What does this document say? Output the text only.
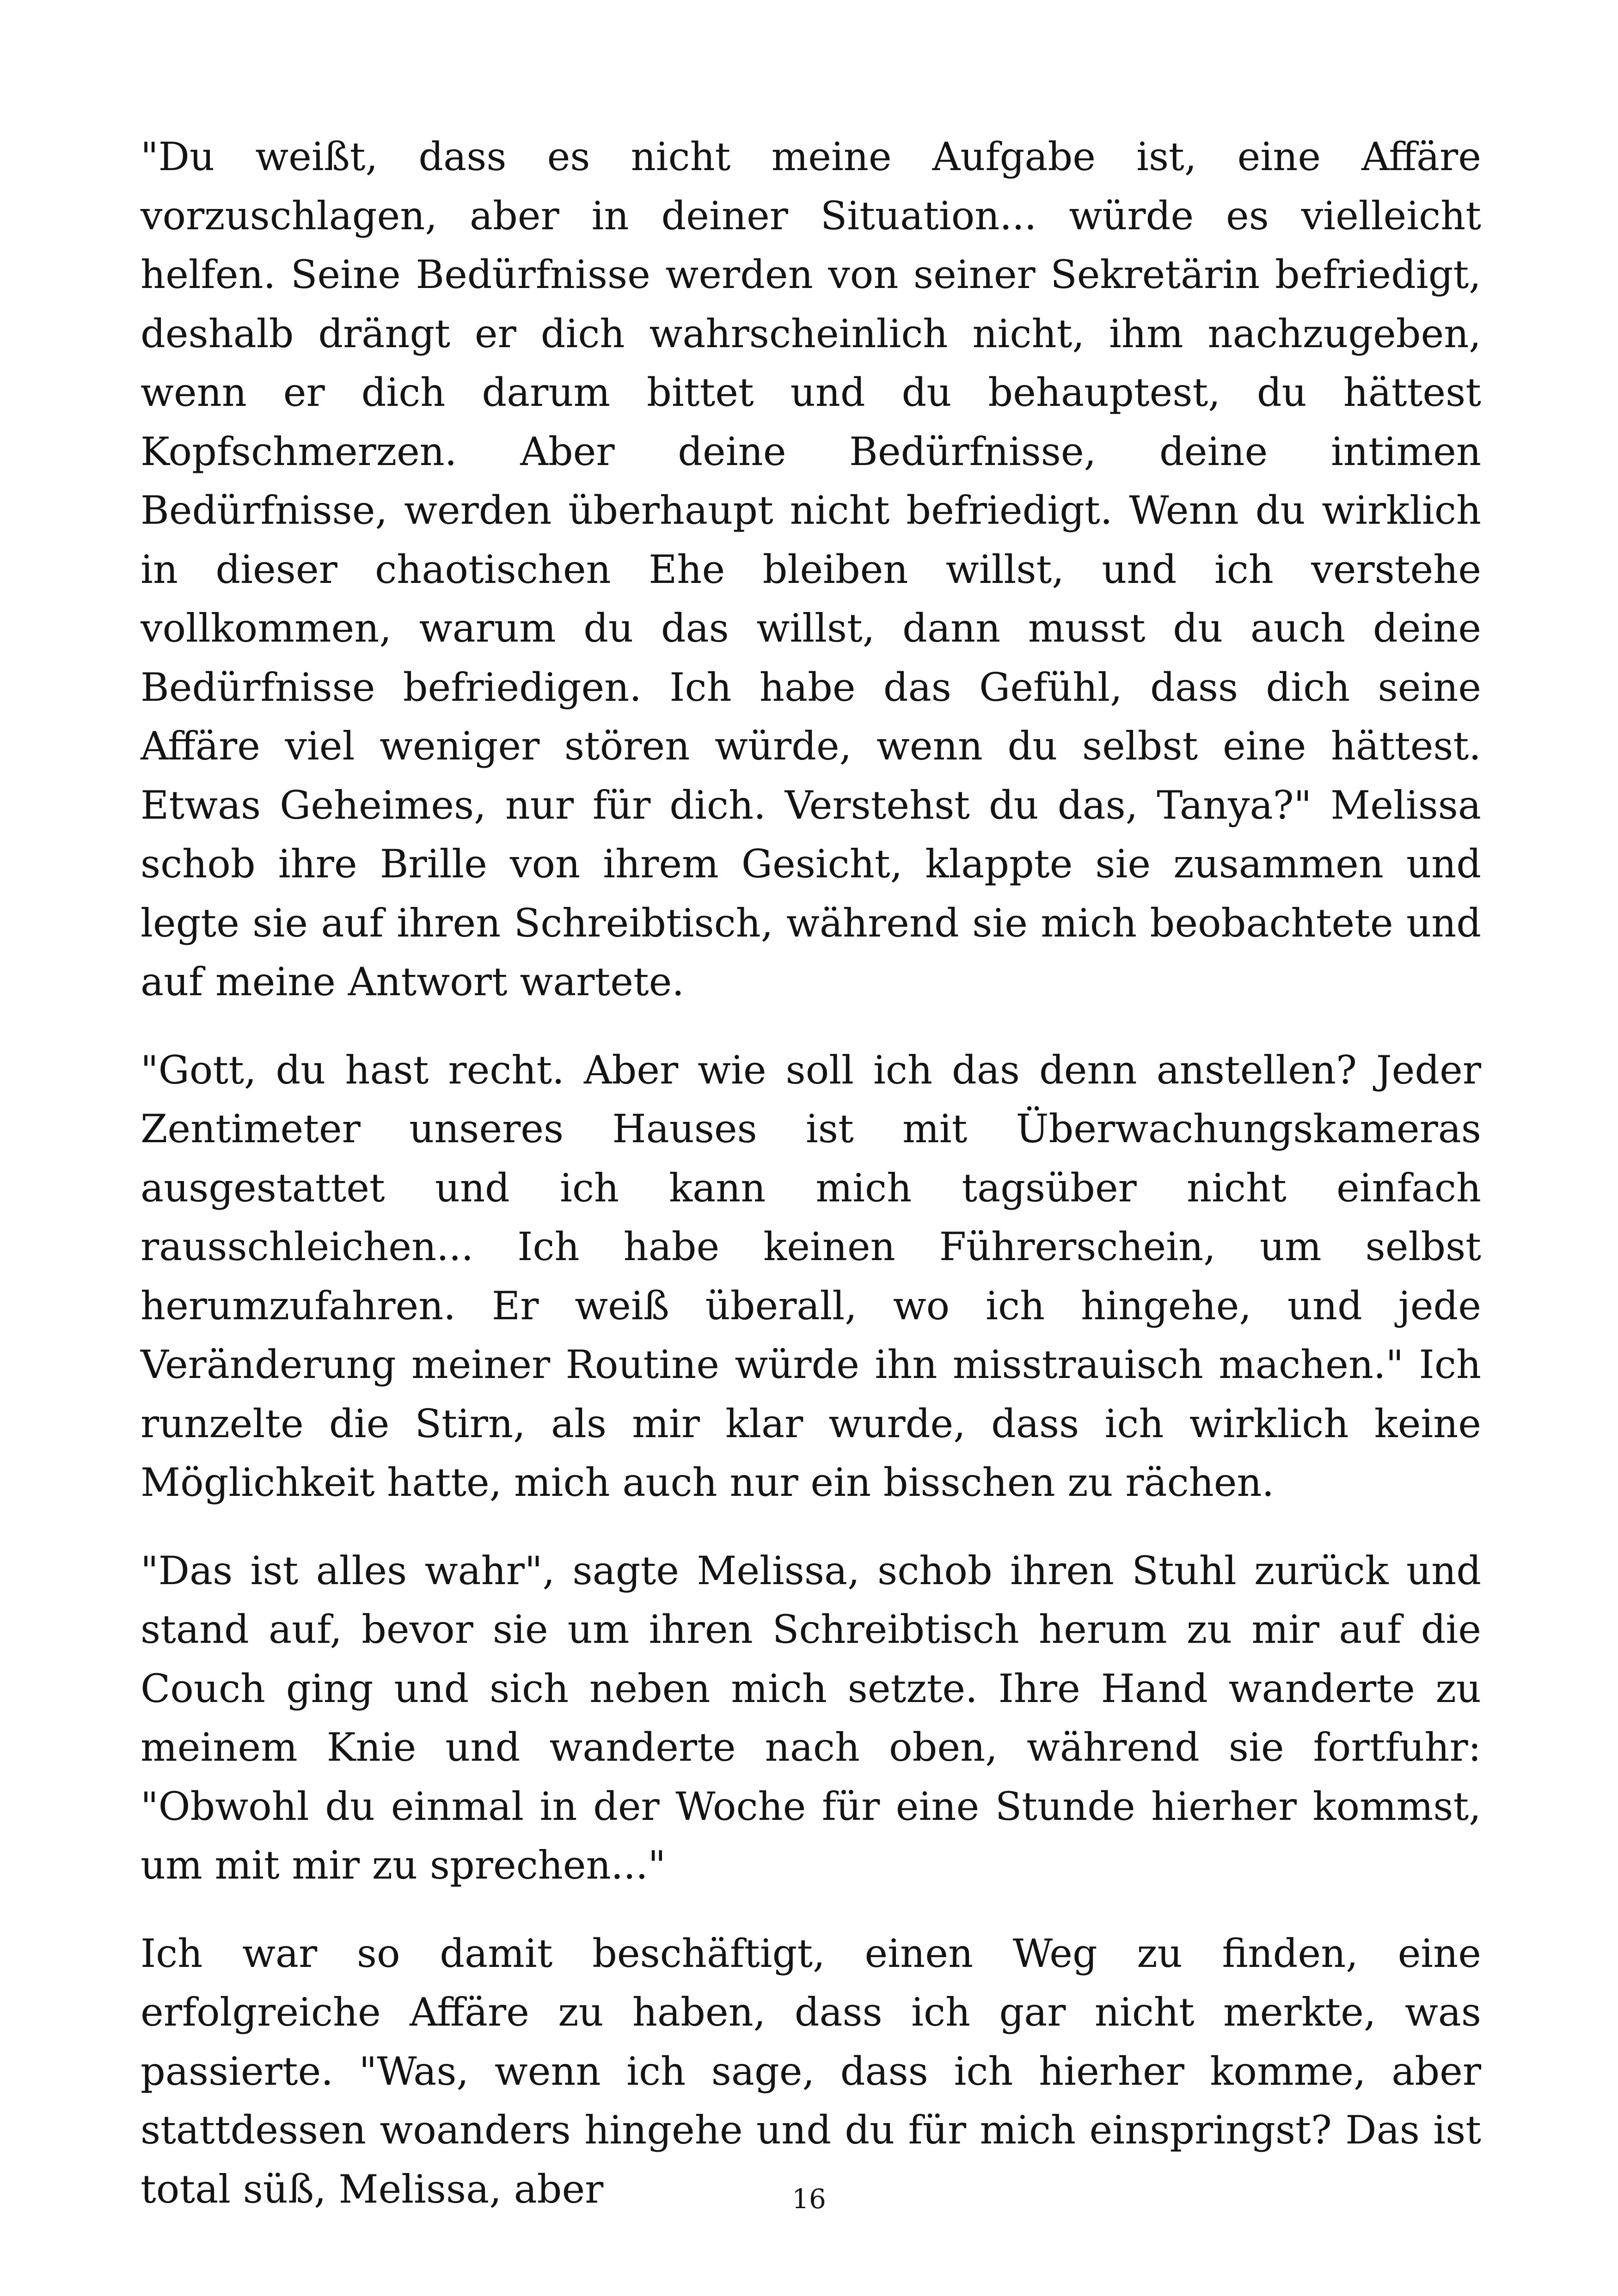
"Du weißt, dass es nicht meine Aufgabe ist, eine Affäre vorzuschlagen, aber in deiner Situation... würde es vielleicht helfen. Seine Bedürfnisse werden von seiner Sekretärin befriedigt, deshalb drängt er dich wahrscheinlich nicht, ihm nachzugeben, wenn er dich darum bittet und du behauptest, du hättest Kopfschmerzen. Aber deine Bedürfnisse, deine intimen Bedürfnisse, werden überhaupt nicht befriedigt. Wenn du wirklich in dieser chaotischen Ehe bleiben willst, und ich verstehe vollkommen, warum du das willst, dann musst du auch deine Bedürfnisse befriedigen. Ich habe das Gefühl, dass dich seine Affäre viel weniger stören würde, wenn du selbst eine hättest. Etwas Geheimes, nur für dich. Verstehst du das, Tanya?" Melissa schob ihre Brille von ihrem Gesicht, klappte sie zusammen und legte sie auf ihren Schreibtisch, während sie mich beobachtete und auf meine Antwort wartete.

"Gott, du hast recht. Aber wie soll ich das denn anstellen? Jeder Zentimeter unseres Hauses ist mit Überwachungskameras ausgestattet und ich kann mich tagsüber nicht einfach rausschleichen... Ich habe keinen Führerschein, um selbst herumzufahren. Er weiß überall, wo ich hingehe, und jede Veränderung meiner Routine würde ihn misstrauisch machen." Ich runzelte die Stirn, als mir klar wurde, dass ich wirklich keine Möglichkeit hatte, mich auch nur ein bisschen zu rächen.

"Das ist alles wahr", sagte Melissa, schob ihren Stuhl zurück und stand auf, bevor sie um ihren Schreibtisch herum zu mir auf die Couch ging und sich neben mich setzte. Ihre Hand wanderte zu meinem Knie und wanderte nach oben, während sie fortfuhr: "Obwohl du einmal in der Woche für eine Stunde hierher kommst, um mit mir zu sprechen..."

Ich war so damit beschäftigt, einen Weg zu finden, eine erfolgreiche Affäre zu haben, dass ich gar nicht merkte, was passierte. "Was, wenn ich sage, dass ich hierher komme, aber stattdessen woanders hingehe und du für mich einspringst? Das ist total süß, Melissa, aber	16
